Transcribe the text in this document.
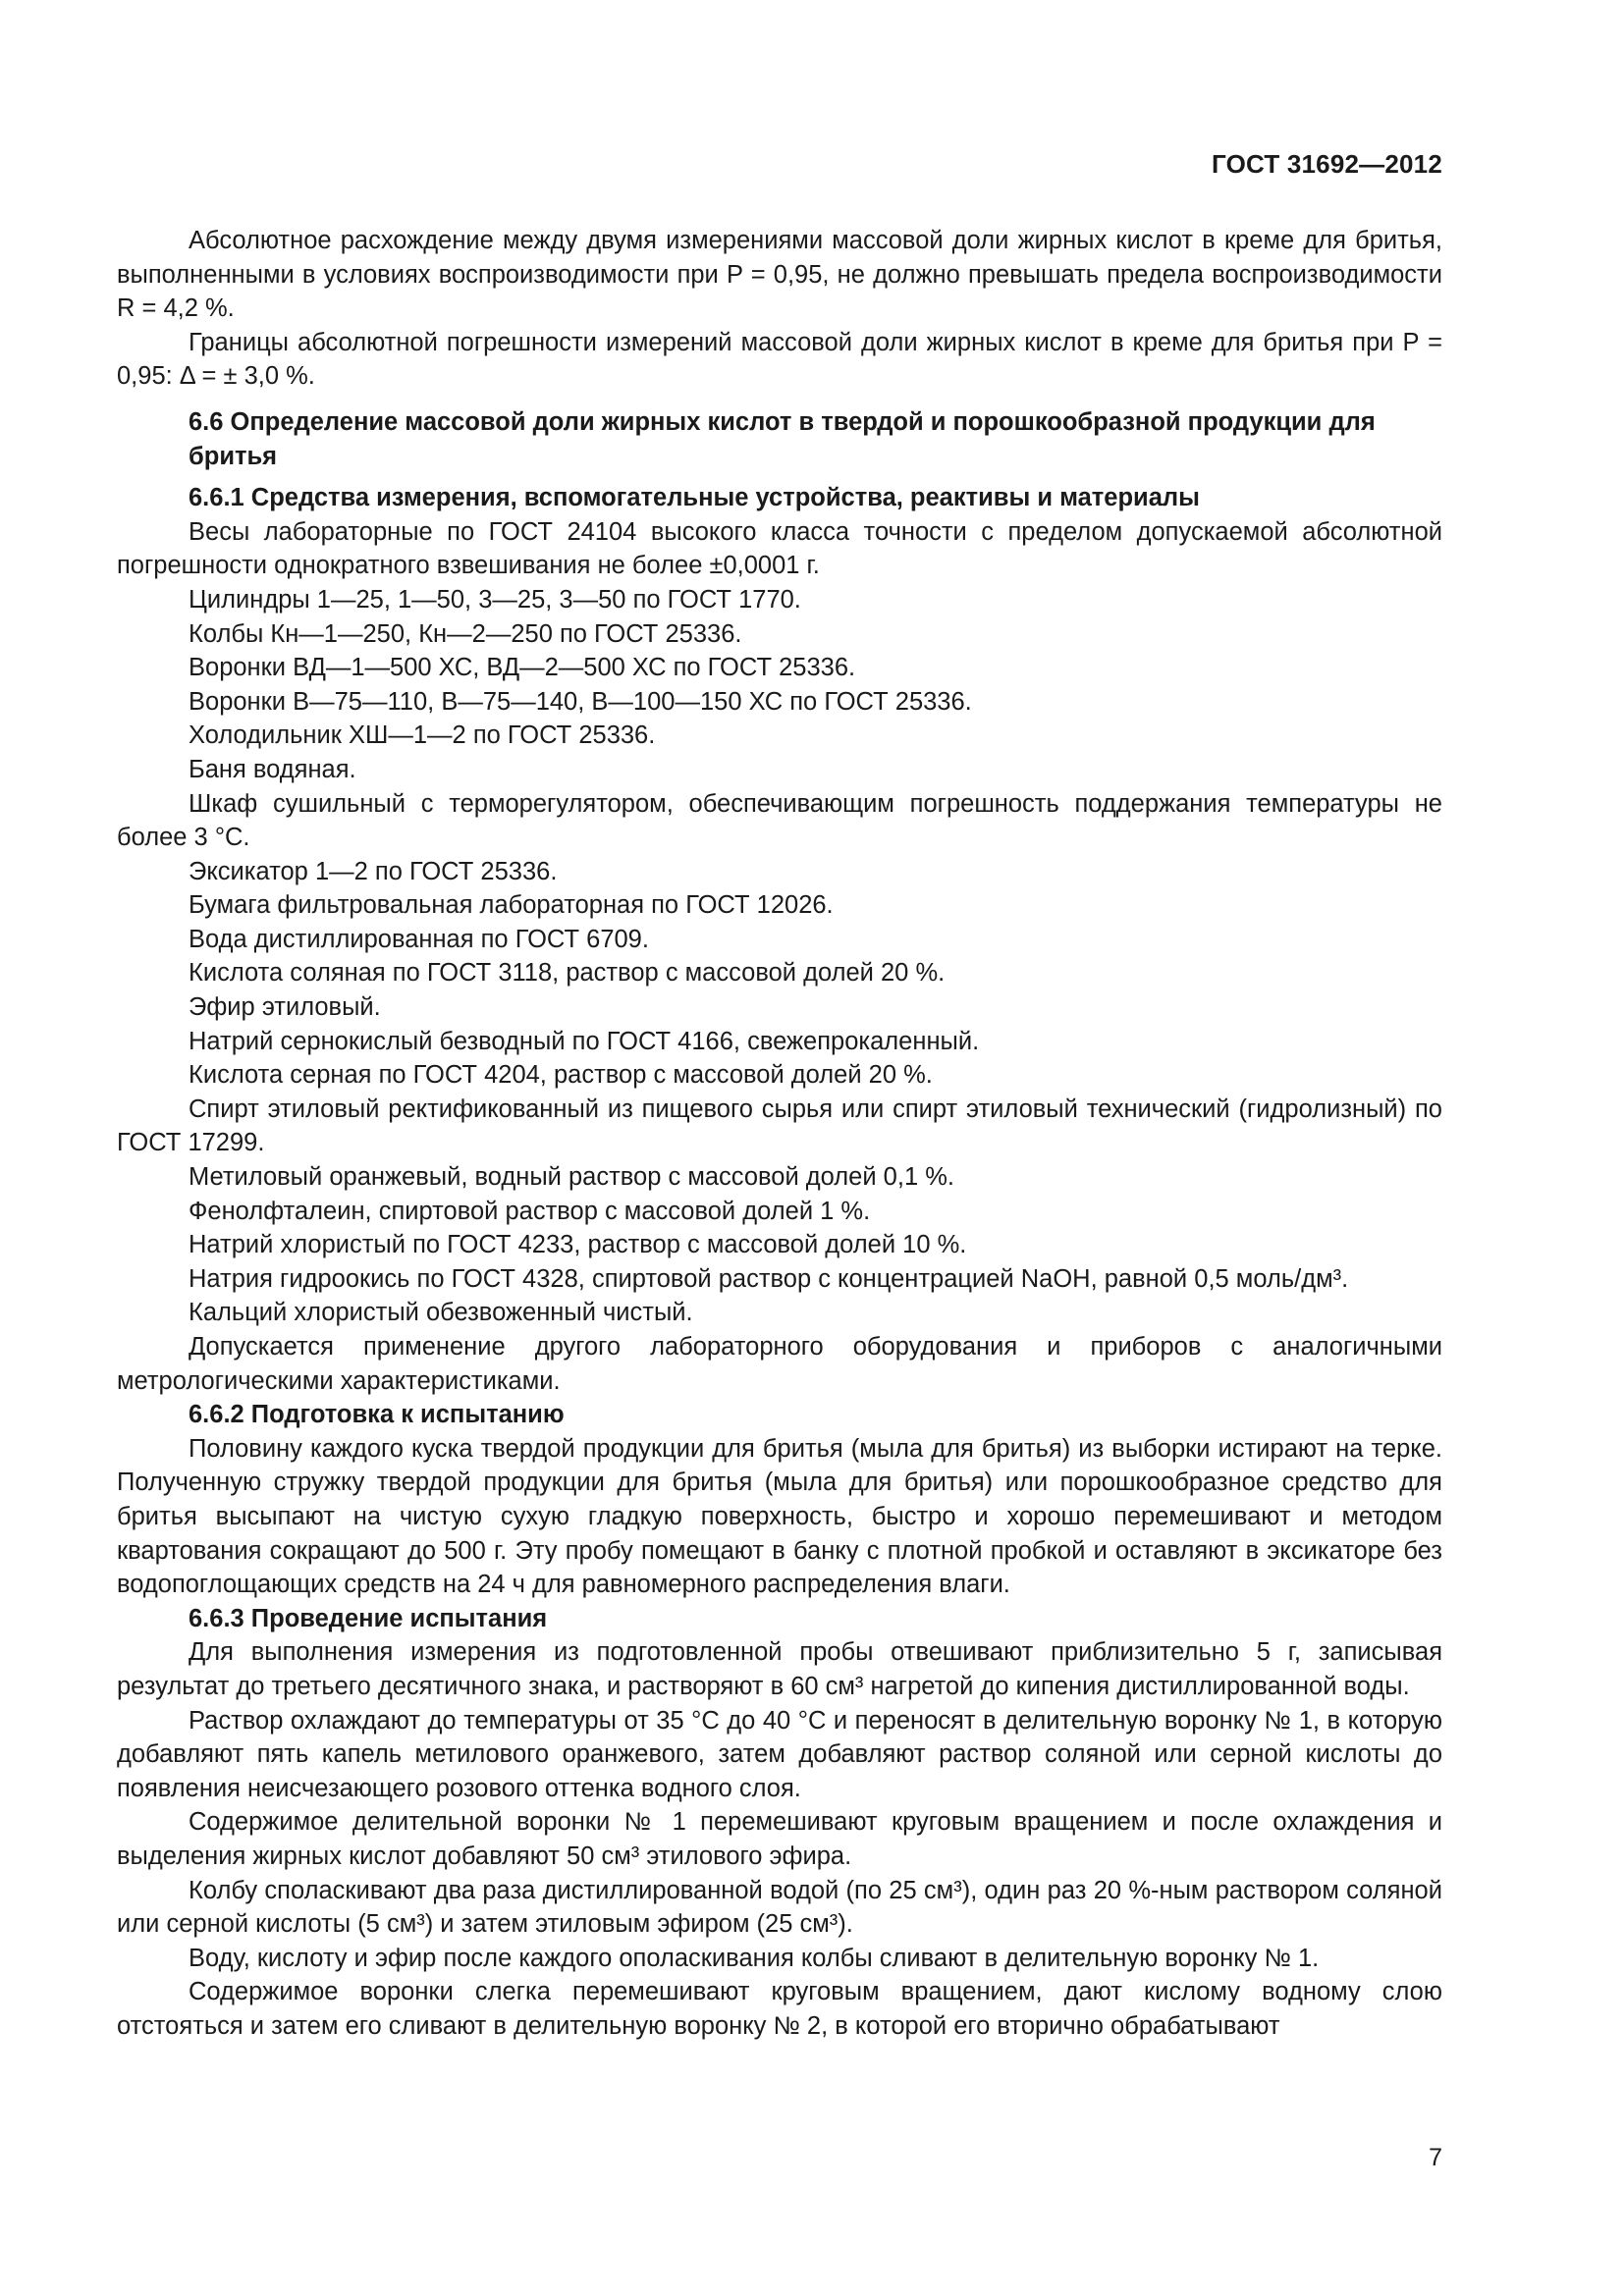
ГОСТ 31692—2012

Абсолютное расхождение между двумя измерениями массовой доли жирных кислот в креме для бритья, выполненными в условиях воспроизводимости при P = 0,95, не должно превышать предела воспроизводимости R = 4,2 %.

Границы абсолютной погрешности измерений массовой доли жирных кислот в креме для бритья при P = 0,95: Δ = ± 3,0 %.

6.6 Определение массовой доли жирных кислот в твердой и порошкообразной продукции для бритья

6.6.1 Средства измерения, вспомогательные устройства, реактивы и материалы

Весы лабораторные по ГОСТ 24104 высокого класса точности с пределом допускаемой абсолютной погрешности однократного взвешивания не более ±0,0001 г.

Цилиндры 1—25, 1—50, 3—25, 3—50 по ГОСТ 1770.

Колбы Кн—1—250, Кн—2—250 по ГОСТ 25336.

Воронки ВД—1—500 ХС, ВД—2—500 ХС по ГОСТ 25336.

Воронки В—75—110, В—75—140, В—100—150 ХС по ГОСТ 25336.

Холодильник ХШ—1—2 по ГОСТ 25336.

Баня водяная.

Шкаф сушильный с терморегулятором, обеспечивающим погрешность поддержания температуры не более 3 °С.

Эксикатор 1—2 по ГОСТ 25336.

Бумага фильтровальная лабораторная по ГОСТ 12026.

Вода дистиллированная по ГОСТ 6709.

Кислота соляная по ГОСТ 3118, раствор с массовой долей 20 %.

Эфир этиловый.

Натрий сернокислый безводный по ГОСТ 4166, свежепрокаленный.

Кислота серная по ГОСТ 4204, раствор с массовой долей 20 %.

Спирт этиловый ректификованный из пищевого сырья или спирт этиловый технический (гидролизный) по ГОСТ 17299.

Метиловый оранжевый, водный раствор с массовой долей 0,1 %.

Фенолфталеин, спиртовой раствор с массовой долей 1 %.

Натрий хлористый по ГОСТ 4233, раствор с массовой долей 10 %.

Натрия гидроокись по ГОСТ 4328, спиртовой раствор с концентрацией NaOH, равной 0,5 моль/дм³.

Кальций хлористый обезвоженный чистый.

Допускается применение другого лабораторного оборудования и приборов с аналогичными метрологическими характеристиками.

6.6.2 Подготовка к испытанию

Половину каждого куска твердой продукции для бритья (мыла для бритья) из выборки истирают на терке. Полученную стружку твердой продукции для бритья (мыла для бритья) или порошкообразное средство для бритья высыпают на чистую сухую гладкую поверхность, быстро и хорошо перемешивают и методом квартования сокращают до 500 г. Эту пробу помещают в банку с плотной пробкой и оставляют в эксикаторе без водопоглощающих средств на 24 ч для равномерного распределения влаги.

6.6.3 Проведение испытания

Для выполнения измерения из подготовленной пробы отвешивают приблизительно 5 г, записывая результат до третьего десятичного знака, и растворяют в 60 см³ нагретой до кипения дистиллированной воды.

Раствор охлаждают до температуры от 35 °С до 40 °С и переносят в делительную воронку № 1, в которую добавляют пять капель метилового оранжевого, затем добавляют раствор соляной или серной кислоты до появления неисчезающего розового оттенка водного слоя.

Содержимое делительной воронки № 1 перемешивают круговым вращением и после охлаждения и выделения жирных кислот добавляют 50 см³ этилового эфира.

Колбу споласкивают два раза дистиллированной водой (по 25 см³), один раз 20 %-ным раствором соляной или серной кислоты (5 см³) и затем этиловым эфиром (25 см³).

Воду, кислоту и эфир после каждого ополаскивания колбы сливают в делительную воронку № 1.

Содержимое воронки слегка перемешивают круговым вращением, дают кислому водному слою отстояться и затем его сливают в делительную воронку № 2, в которой его вторично обрабатывают

7
